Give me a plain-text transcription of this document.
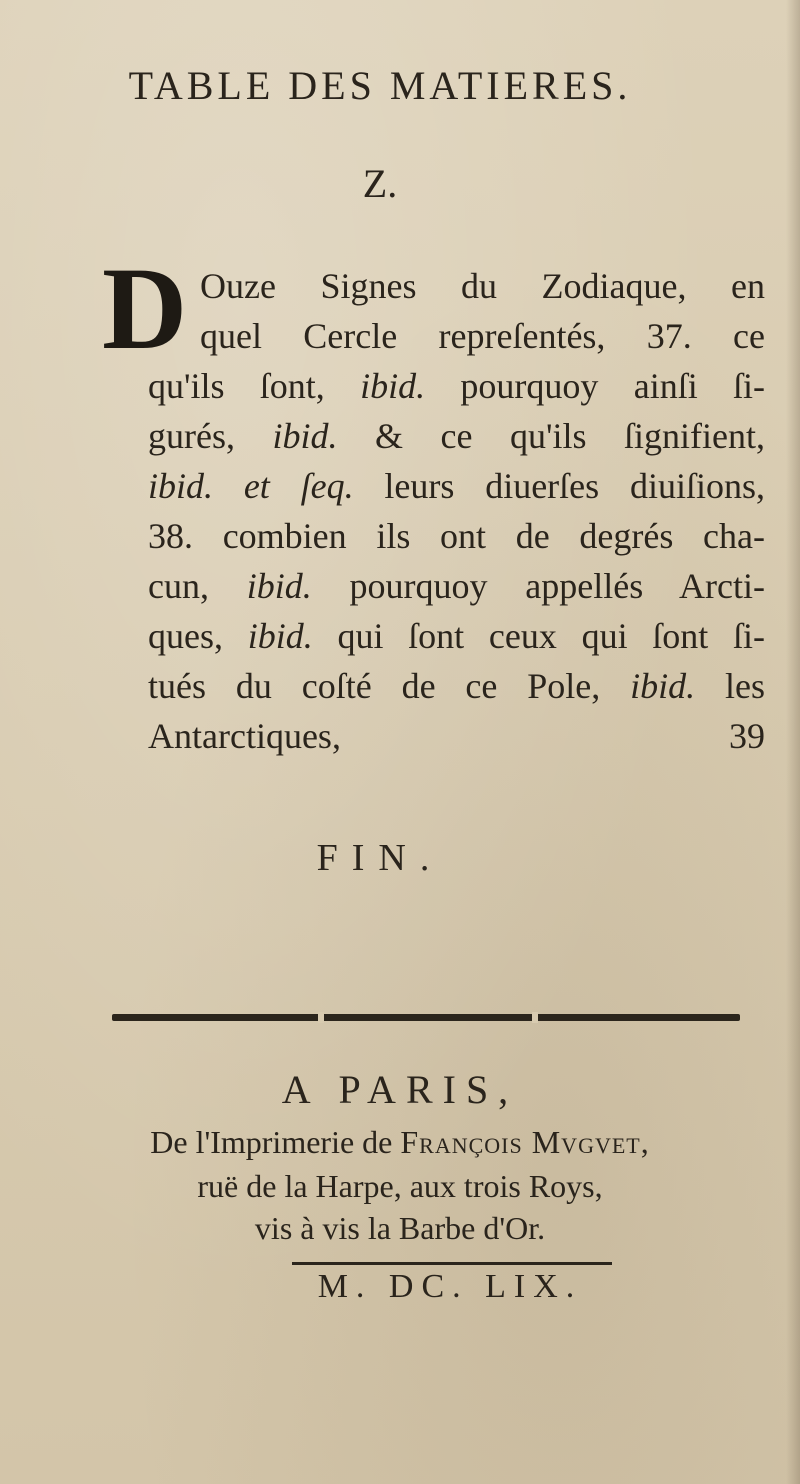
TABLE DES MATIERES.
Z.
D Ouze Signes du Zodiaque, en
quel Cercle repreſentés, 37. ce
qu'ils ſont, ibid. pourquoy ainſi ſi-
gurés, ibid. & ce qu'ils ſignifient,
ibid. et ſeq. leurs diuerſes diuiſions,
38. combien ils ont de degrés cha-
cun, ibid. pourquoy appellés Arcti-
ques, ibid. qui ſont ceux qui ſont ſi-
tués du coſté de ce Pole, ibid. les
Antarctiques,	39
FIN.
A PARIS,
De l'Imprimerie de François Mvgvet,
ruë de la Harpe, aux trois Roys,
vis à vis la Barbe d'Or.
M. DC. LIX.
